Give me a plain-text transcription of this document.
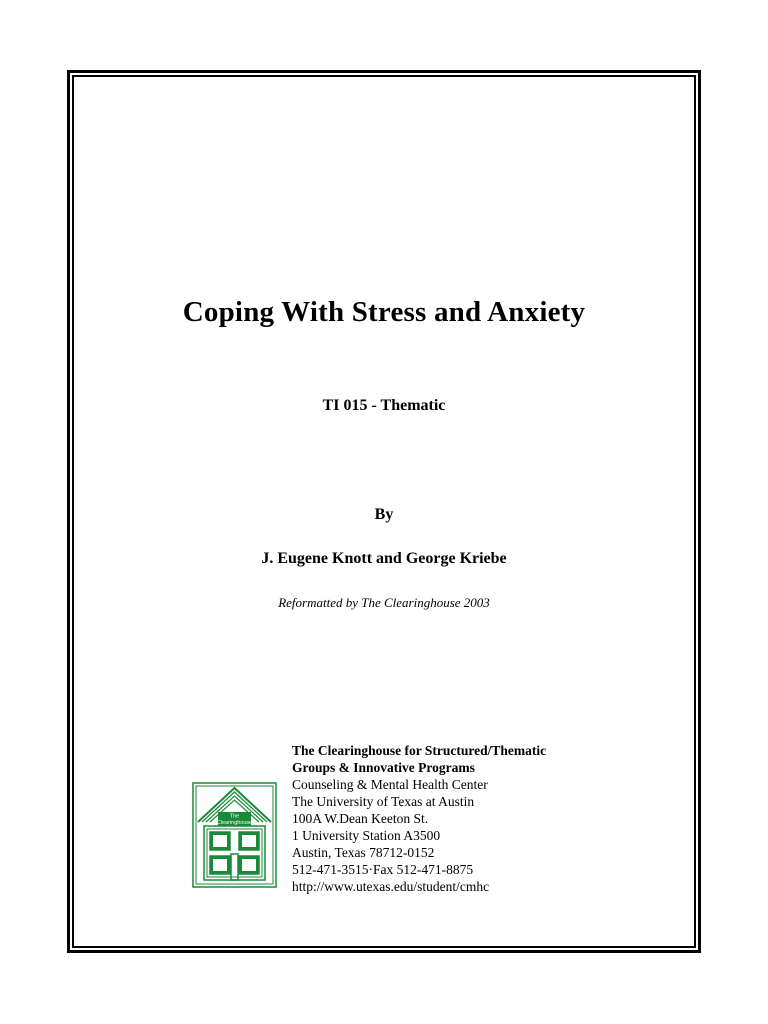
Coping With Stress and Anxiety
TI 015 - Thematic
By
J. Eugene Knott and George Kriebe
Reformatted by The Clearinghouse 2003
The
Clearinghouse
The Clearinghouse for Structured/Thematic
Groups & Innovative Programs
Counseling & Mental Health Center
The University of Texas at Austin
100A W.Dean Keeton St.
1 University Station A3500
Austin, Texas 78712-0152
512-471-3515·Fax 512-471-8875
http://www.utexas.edu/student/cmhc
